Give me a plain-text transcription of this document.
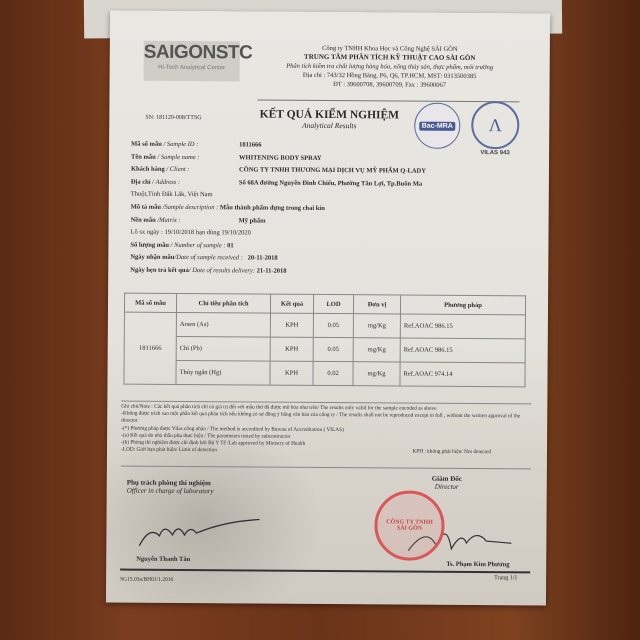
SAIGONSTC
Hi-Tech Analytical Center
Công ty TNHH Khoa Học và Công Nghệ SÀI GÒN
TRUNG TÂM PHÂN TÍCH KỸ THUẬT CAO SÀI GÒN
Phân tích kiểm tra chất lượng hàng hóa, nông thủy sản, thực phẩm, môi trường
Địa chỉ : 743/32 Hồng Bàng, P6, Q6, TP.HCM, MST: 0313500385
ĐT : 39600708, 39600709, Fax : 39600067
SN: 181120-008/TTSG	KẾT QUẢ KIỂM NGHIỆM
Analytical Results	Bac-MRA	Λ
VILAS 943
Mã số mẫu / Sample ID :	1811666
Tên mẫu / Sample name :	WHITENING BODY SPRAY
Khách hàng / Client :	CÔNG TY TNHH THƯƠNG MẠI DỊCH VỤ MỸ PHẨM Q-LADY
Địa chỉ / Address :	Số 68A đường Nguyễn Đình Chiểu, Phường Tân Lợi, Tp.Buôn Ma
Thuột,Tỉnh Đắk Lắk, Việt Nam
Mô tả mẫu
/Sample description :
Mẫu thành phẩm đựng trong chai kín
Nền mẫu /Matrix :	Mỹ phẩm
Lô sx ngày : 19/10/2018 hạn dùng 19/10/2020
Số lượng mẫu
/ Number of sample :
01
Ngày nhận mẫu /Date of sample received :
20-11-2018
Ngày hẹn trả kết quả / Date of results delivery:
21-11-2018
Mã số mẫu	Chỉ tiêu phân tích	Kết quả	LOD	Đơn vị	Phương pháp
1811666	Arsen (As)	KPH	0.05	mg/Kg	Ref.AOAC 986.15
	Chì (Pb)	KPH	0.05	mg/Kg	Ref.AOAC 986.15
	Thủy ngân (Hg)	KPH	0.02	mg/Kg	Ref.AOAC 974.14
Ghi chú/Note : Các kết quả phân tích chỉ có giá trị đối với mẫu thử đã được mô hóa như trên/ The results only valid for the sample encoded as above
-Không được trích sao một phần kết quả phân tích nếu không có sự đồng ý bằng văn bản của công ty / The results shall not be reproduced except in full , without the written approval of the director
-(*) Phương pháp được Vilas công nhận / The method is accredited by Bureau of Accreditation ( VILAS)
-(a) Kết quả do nhà thầu phụ thực hiện / The parameters tested by subcontractor
-(b) Phòng thí nghiệm được chỉ định bởi Bộ Y Tế /Lab approved by Ministry of Health
-LOD: Giới hạn phát hiện/ Limit of detection	KPH : không phát hiện/ Not detected
Phụ trách phòng thí nghiệm
Officer in charge of laboratory
CÔNG TY TNHH SÀI GÒN
Giám Đốc
Director
Nguyễn Thanh Tân
Ts. Phạm Kim Phương
SG15.03a/BH01/1.2016	Trang 1/1
